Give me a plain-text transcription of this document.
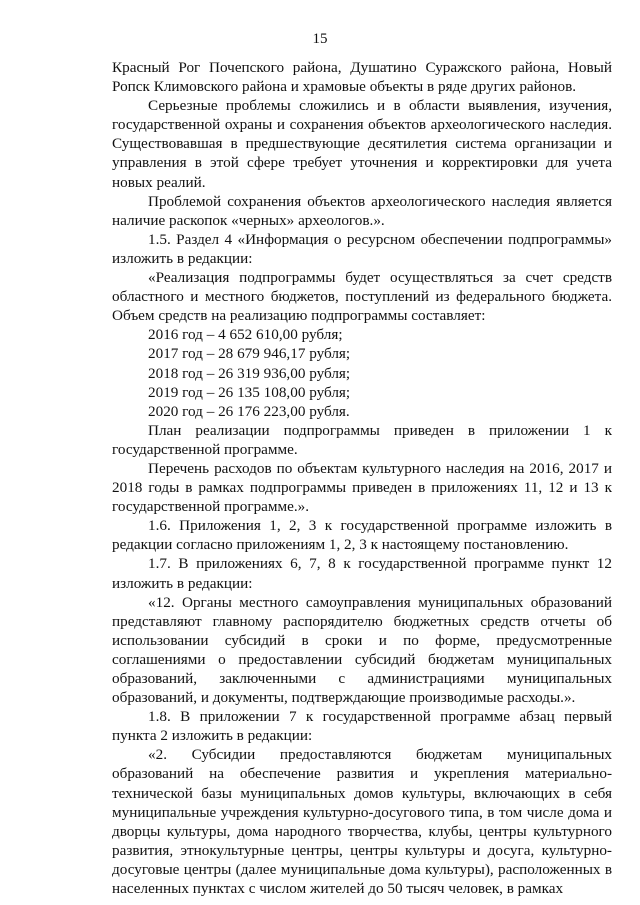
15

Красный Рог Почепского района, Душатино Суражского района, Новый Ропск Климовского района и храмовые объекты в ряде других районов.

Серьезные проблемы сложились и в области выявления, изучения, государственной охраны и сохранения объектов археологического наследия. Существовавшая в предшествующие десятилетия система организации и управления в этой сфере требует уточнения и корректировки для учета новых реалий.

Проблемой сохранения объектов археологического наследия является наличие раскопок «черных» археологов.».

1.5. Раздел 4 «Информация о ресурсном обеспечении подпрограммы» изложить в редакции:

«Реализация подпрограммы будет осуществляться за счет средств областного и местного бюджетов, поступлений из федерального бюджета. Объем средств на реализацию подпрограммы составляет:

2016 год – 4 652 610,00 рубля;

2017 год – 28 679 946,17 рубля;

2018 год – 26 319 936,00 рубля;

2019 год – 26 135 108,00 рубля;

2020 год – 26 176 223,00 рубля.

План реализации подпрограммы приведен в приложении 1 к государственной программе.

Перечень расходов по объектам культурного наследия на 2016, 2017 и 2018 годы в рамках подпрограммы приведен в приложениях 11, 12 и 13 к государственной программе.».

1.6. Приложения 1, 2, 3 к государственной программе изложить в редакции согласно приложениям 1, 2, 3 к настоящему постановлению.

1.7. В приложениях 6, 7, 8 к государственной программе пункт 12 изложить в редакции:

«12. Органы местного самоуправления муниципальных образований представляют главному распорядителю бюджетных средств отчеты об использовании субсидий в сроки и по форме, предусмотренные соглашениями о предоставлении субсидий бюджетам муниципальных образований, заключенными с администрациями муниципальных образований, и документы, подтверждающие производимые расходы.».

1.8. В приложении 7 к государственной программе абзац первый пункта 2 изложить в редакции:

«2. Субсидии предоставляются бюджетам муниципальных образований на обеспечение развития и укрепления материально-технической базы муниципальных домов культуры, включающих в себя муниципальные учреждения культурно-досугового типа, в том числе дома и дворцы культуры, дома народного творчества, клубы, центры культурного развития, этнокультурные центры, центры культуры и досуга, культурно-досуговые центры (далее муниципальные дома культуры), расположенных в населенных пунктах с числом жителей до 50 тысяч человек, в рамках
